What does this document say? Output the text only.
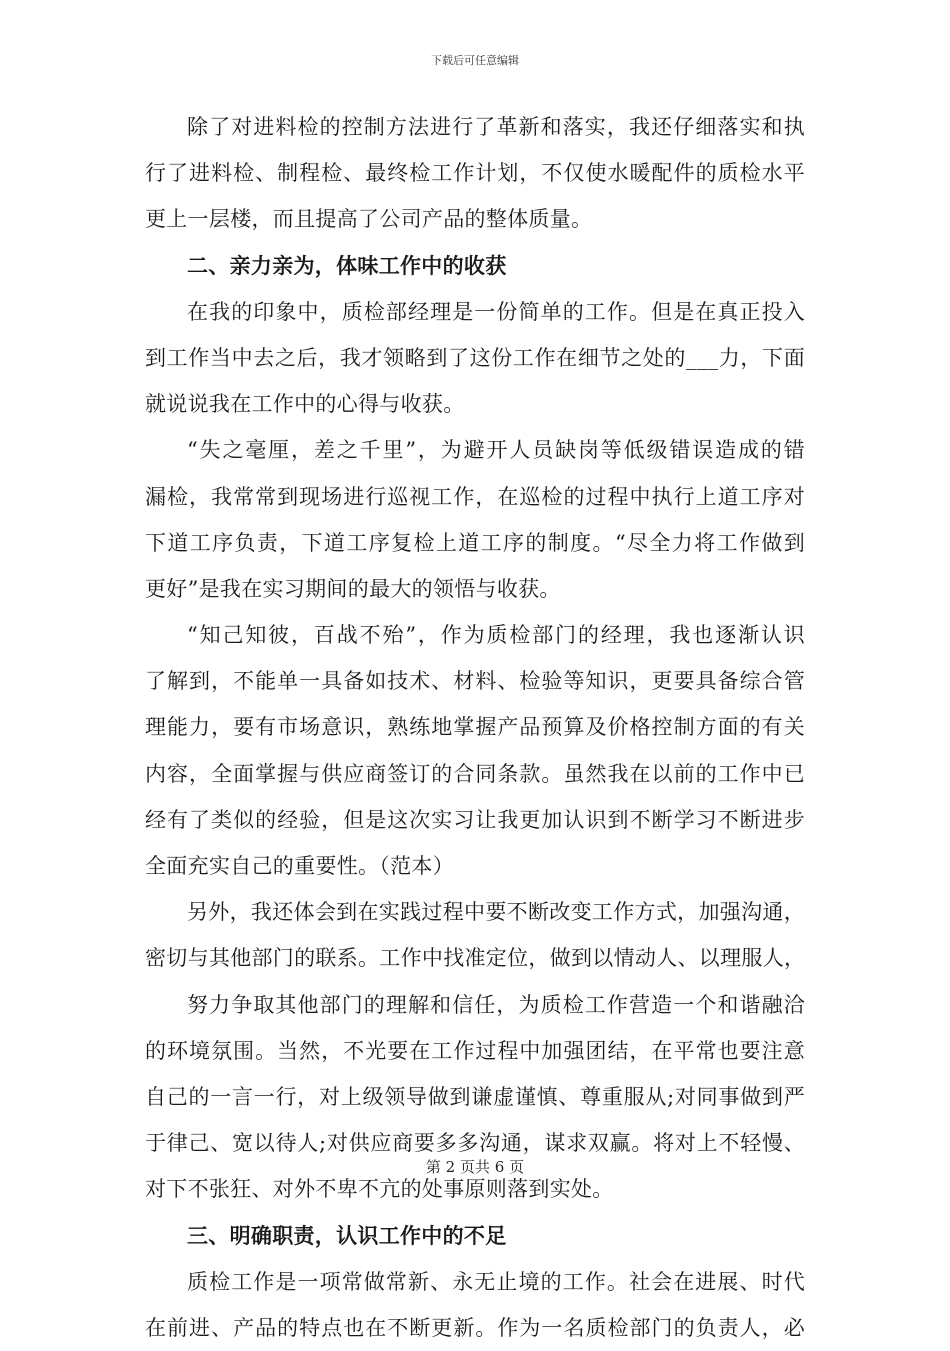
下载后可任意编辑
除了对进料检的控制方法进行了革新和落实，我还仔细落实和执
行了进料检、制程检、最终检工作计划，不仅使水暖配件的质检水平
更上一层楼，而且提高了公司产品的整体质量。
二、亲力亲为，体味工作中的收获
在我的印象中，质检部经理是一份简单的工作。但是在真正投入
到工作当中去之后，我才领略到了这份工作在细节之处的___力，下面
就说说我在工作中的心得与收获。
“失之毫厘，差之千里”，为避开人员缺岗等低级错误造成的错
漏检，我常常到现场进行巡视工作，在巡检的过程中执行上道工序对
下道工序负责，下道工序复检上道工序的制度。“尽全力将工作做到
更好”是我在实习期间的最大的领悟与收获。
“知己知彼，百战不殆”，作为质检部门的经理，我也逐渐认识
了解到，不能单一具备如技术、材料、检验等知识，更要具备综合管
理能力，要有市场意识，熟练地掌握产品预算及价格控制方面的有关
内容，全面掌握与供应商签订的合同条款。虽然我在以前的工作中已
经有了类似的经验，但是这次实习让我更加认识到不断学习不断进步
全面充实自己的重要性。（范本）
另外，我还体会到在实践过程中要不断改变工作方式，加强沟通，
密切与其他部门的联系。工作中找准定位，做到以情动人、以理服人，
努力争取其他部门的理解和信任，为质检工作营造一个和谐融洽
的环境氛围。当然，不光要在工作过程中加强团结，在平常也要注意
自己的一言一行，对上级领导做到谦虚谨慎、尊重服从;对同事做到严
于律己、宽以待人;对供应商要多多沟通，谋求双赢。将对上不轻慢、
对下不张狂、对外不卑不亢的处事原则落到实处。
三、明确职责，认识工作中的不足
质检工作是一项常做常新、永无止境的工作。社会在进展、时代
在前进、产品的特点也在不断更新。作为一名质检部门的负责人，必
第 2 页共 6 页
